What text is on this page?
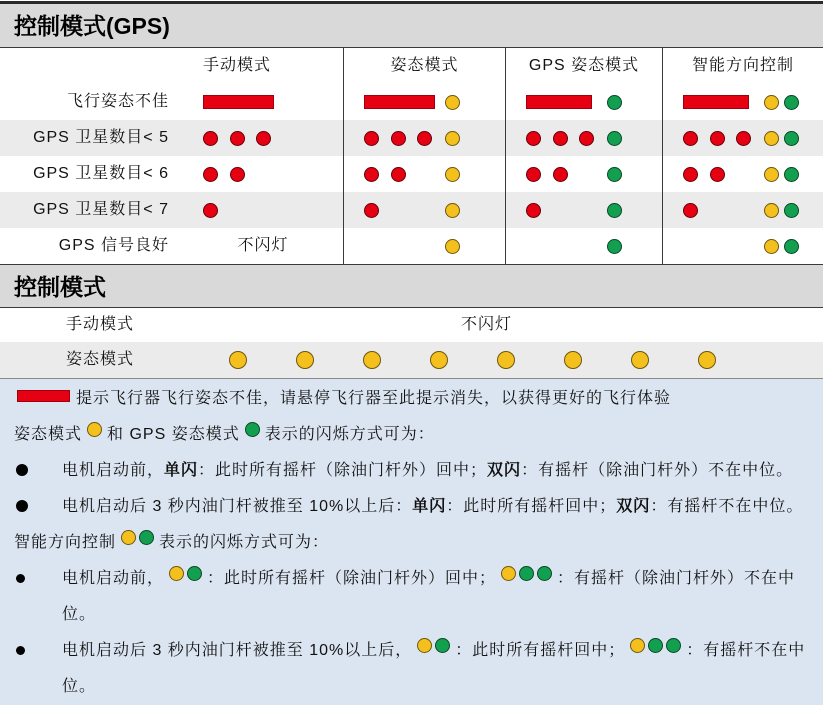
控制模式(GPS)
手动模式	姿态模式	GPS 姿态模式	智能方向控制
飞行姿态不佳
GPS 卫星数目< 5
GPS 卫星数目< 6
GPS 卫星数目< 7
GPS 信号良好	不闪灯
控制模式
手动模式	不闪灯
姿态模式
提示飞行器飞行姿态不佳，请悬停飞行器至此提示消失，以获得更好的飞行体验
姿态模式 和 GPS 姿态模式 表示的闪烁方式可为：
电机启动前，单闪：此时所有摇杆（除油门杆外）回中；双闪：有摇杆（除油门杆外）不在中位。
电机启动后 3 秒内油门杆被推至 10%以上后：单闪：此时所有摇杆回中；双闪：有摇杆不在中位。
智能方向控制	表示的闪烁方式可为：
电机启动前，	：此时所有摇杆（除油门杆外）回中；	：有摇杆（除油门杆外）不在中
位。
电机启动后 3 秒内油门杆被推至 10%以上后，	：此时所有摇杆回中；	：有摇杆不在中
位。
